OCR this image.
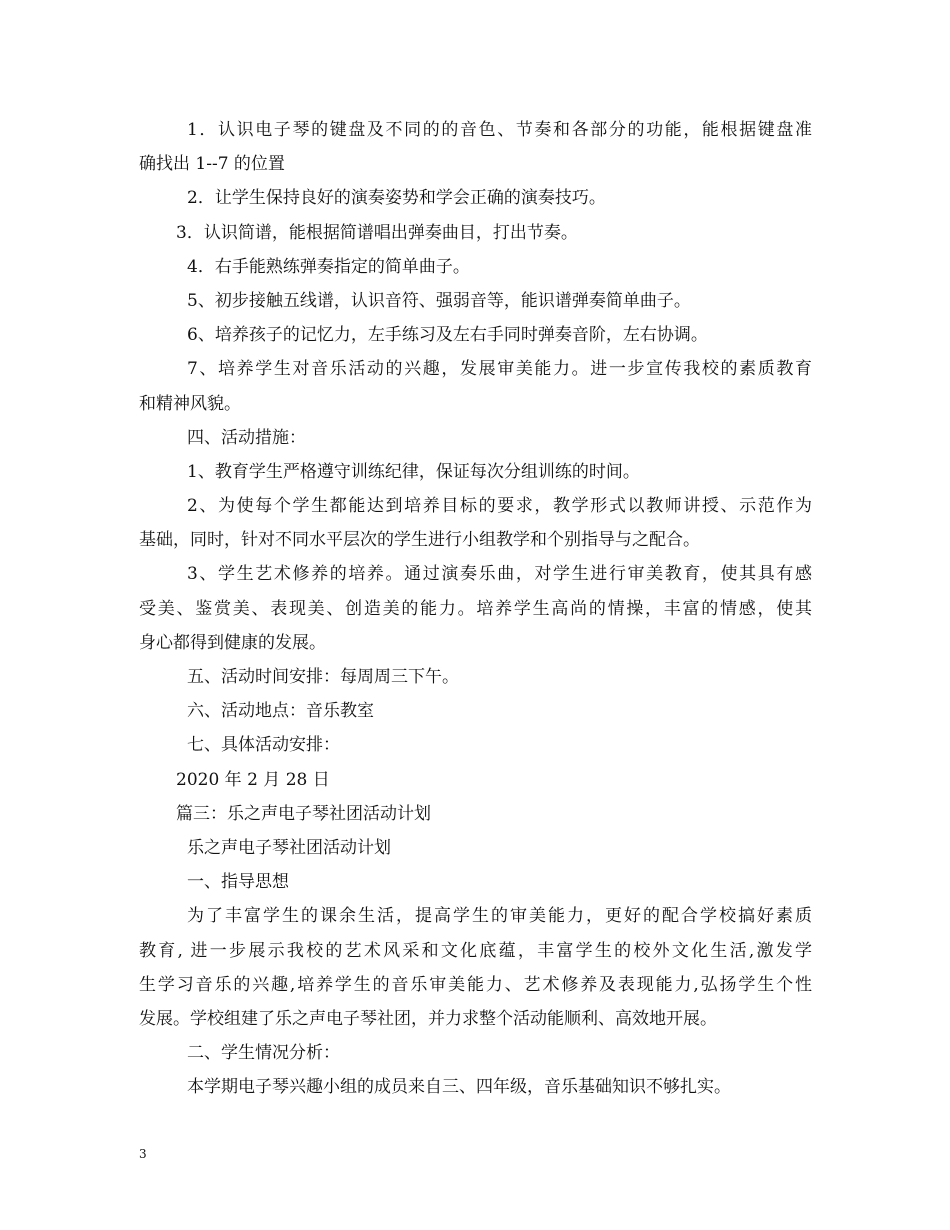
1．认识电子琴的键盘及不同的的音色、节奏和各部分的功能，能根据键盘准

确找出 1--7 的位置

2．让学生保持良好的演奏姿势和学会正确的演奏技巧。

3．认识简谱，能根据简谱唱出弹奏曲目，打出节奏。

4．右手能熟练弹奏指定的简单曲子。

5、初步接触五线谱，认识音符、强弱音等，能识谱弹奏简单曲子。

6、培养孩子的记忆力，左手练习及左右手同时弹奏音阶，左右协调。

7、培养学生对音乐活动的兴趣，发展审美能力。进一步宣传我校的素质教育

和精神风貌。

四、活动措施：

1、教育学生严格遵守训练纪律，保证每次分组训练的时间。

2、为使每个学生都能达到培养目标的要求，教学形式以教师讲授、示范作为

基础，同时，针对不同水平层次的学生进行小组教学和个别指导与之配合。

3、学生艺术修养的培养。通过演奏乐曲，对学生进行审美教育，使其具有感

受美、鉴赏美、表现美、创造美的能力。培养学生高尚的情操，丰富的情感，使其

身心都得到健康的发展。

五、活动时间安排：每周周三下午。

六、活动地点：音乐教室

七、具体活动安排：

2020 年 2 月 28 日

篇三：乐之声电子琴社团活动计划

乐之声电子琴社团活动计划

一、指导思想

为了丰富学生的课余生活，提高学生的审美能力，更好的配合学校搞好素质

教育, 进一步展示我校的艺术风采和文化底蕴，丰富学生的校外文化生活,激发学

生学习音乐的兴趣,培养学生的音乐审美能力、艺术修养及表现能力,弘扬学生个性

发展。学校组建了乐之声电子琴社团，并力求整个活动能顺利、高效地开展。

二、学生情况分析：

本学期电子琴兴趣小组的成员来自三、四年级，音乐基础知识不够扎实。

3
